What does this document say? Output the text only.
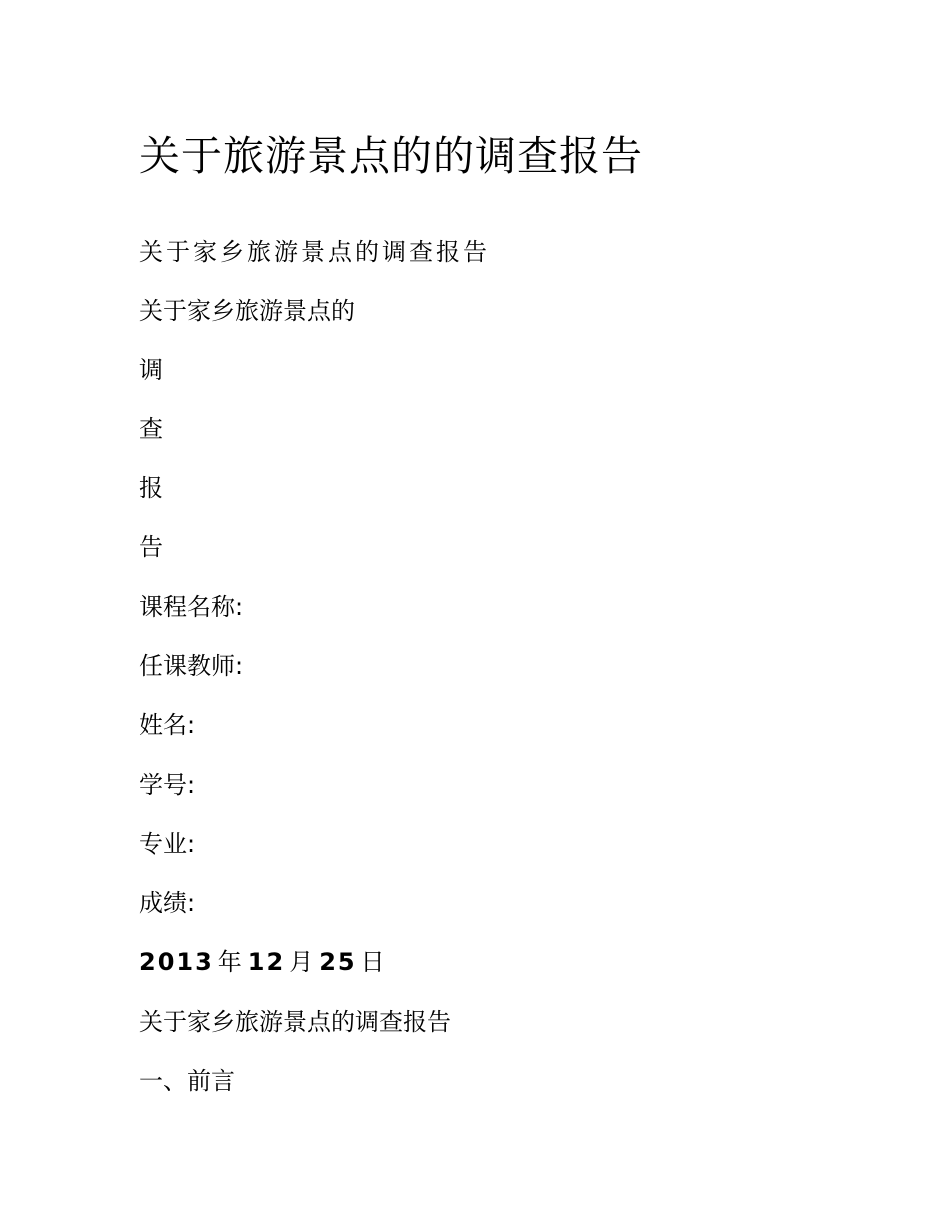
关于旅游景点的的调查报告

关于家乡旅游景点的调查报告

关于家乡旅游景点的

调

查

报

告

课程名称:

任课教师:

姓名:

学号:

专业:

成绩:

2013 年 12 月 25 日

关于家乡旅游景点的调查报告

一、前言
